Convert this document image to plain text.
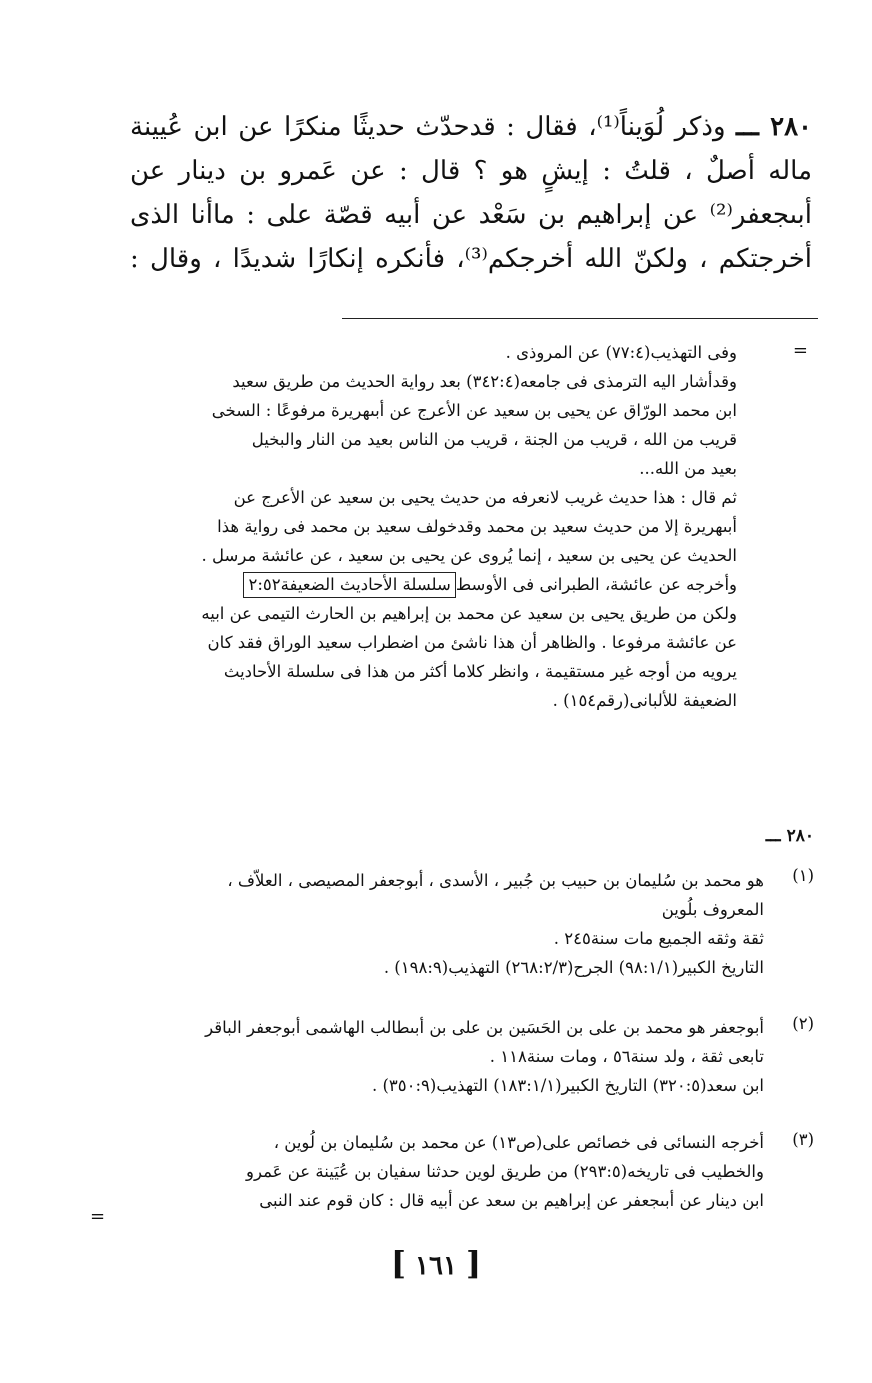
٢٨٠ ـــ وذكر لُوَيناً⁽¹⁾، فقال : قدحدّث حديثًا منكرًا عن ابن عُيينة
ماله أصلٌ ، قلتُ : إيشٍ هو ؟ قال : عن عَمرو بن دينار عن
أبىجعفر⁽²⁾ عن إبراهيم بن سَعْد عن أبيه قصّة على : ماأنا الذى
أخرجتكم ، ولكنّ الله أخرجكم⁽³⁾، فأنكره إنكارًا شديدًا ، وقال :
=
وفى التهذيب(٧٧:٤) عن المروذى .
وقدأشار اليه الترمذى فى جامعه(٣٤٢:٤) بعد رواية الحديث من طريق سعيد
ابن محمد الورّاق عن يحيى بن سعيد عن الأعرج عن أبىهريرة مرفوعًا : السخى
قريب من الله ، قريب من الجنة ، قريب من الناس بعيد من النار والبخيل
بعيد من الله...
ثم قال : هذا حديث غريب لانعرفه من حديث يحيى بن سعيد عن الأعرج عن
أبىهريرة إلا من حديث سعيد بن محمد وقدخولف سعيد بن محمد فى رواية هذا
الحديث عن يحيى بن سعيد ، إنما يُروى عن يحيى بن سعيد ، عن عائشة مرسل .
وأخرجه عن عائشة، الطبرانى فى الأوسطسلسلة الأحاديث الضعيفة٢:٥٢
ولكن من طريق يحيى بن سعيد عن محمد بن إبراهيم بن الحارث التيمى عن ابيه
عن عائشة مرفوعا . والظاهر أن هذا ناشئ من اضطراب سعيد الوراق فقد كان
يرويه من أوجه غير مستقيمة ، وانظر كلاما أكثر من هذا فى سلسلة الأحاديث
الضعيفة للألبانى(رقم١٥٤) .
٢٨٠ ـــ
(١)
هو محمد بن سُليمان بن حبيب بن جُبير ، الأسدى ، أبوجعفر المصيصى ، العلاّف ،
المعروف بلُوين
ثقة وثقه الجميع مات سنة٢٤٥ .
التاريخ الكبير(٩٨:١/١) الجرح(٢٦٨:٢/٣) التهذيب(١٩٨:٩) .
(٢)
أبوجعفر هو محمد بن على بن الحَسَين بن على بن أبىطالب الهاشمى أبوجعفر الباقر
تابعى ثقة ، ولد سنة٥٦ ، ومات سنة١١٨ .
ابن سعد(٣٢٠:٥) التاريخ الكبير(١٨٣:١/١) التهذيب(٣٥٠:٩) .
(٣)
أخرجه النسائى فى خصائص على(ص١٣) عن محمد بن سُليمان بن لُوين ،
والخطيب فى تاريخه(٢٩٣:٥) من طريق لوين حدثنا سفيان بن عُيَينة عن عَمرو
ابن دينار عن أبىجعفر عن إبراهيم بن سعد عن أبيه قال : كان قوم عند النبى
=
[ ١٦١ ]
